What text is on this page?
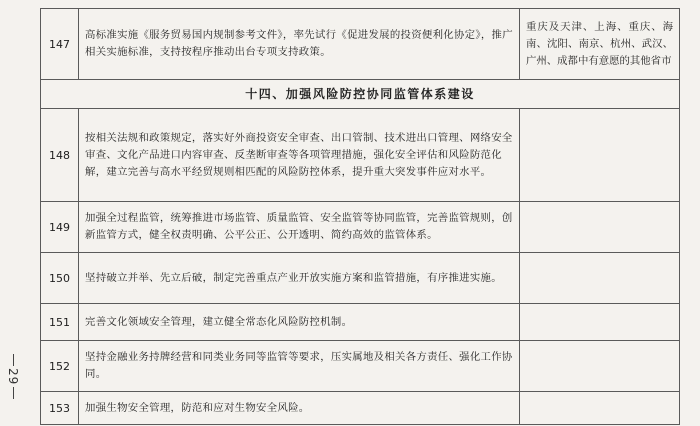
29
147	高标准实施《服务贸易国内规制参考文件》，率先试行《促进发展的投资便利化协定》，推广相关实施标准，支持按程序推动出台专项支持政策。	重庆及天津、上海、重庆、海南、沈阳、南京、杭州、武汉、广州、成都中有意愿的其他省市
十四、加强风险防控协同监管体系建设		
148	按相关法规和政策规定，落实好外商投资安全审查、出口管制、技术进出口管理、网络安全审查、文化产品进口内容审查、反垄断审查等各项管理措施，强化安全评估和风险防范化解，建立完善与高水平经贸规则相匹配的风险防控体系，提升重大突发事件应对水平。	
149	加强全过程监管，统筹推进市场监管、质量监管、安全监管等协同监管，完善监管规则，创新监管方式，健全权责明确、公平公正、公开透明、简约高效的监管体系。	
150	坚持破立并举、先立后破，制定完善重点产业开放实施方案和监管措施，有序推进实施。	
151	完善文化领域安全管理，建立健全常态化风险防控机制。	
152	坚持金融业务持牌经营和同类业务同等监管等要求，压实属地及相关各方责任、强化工作协同。	
153	加强生物安全管理，防范和应对生物安全风险。	
